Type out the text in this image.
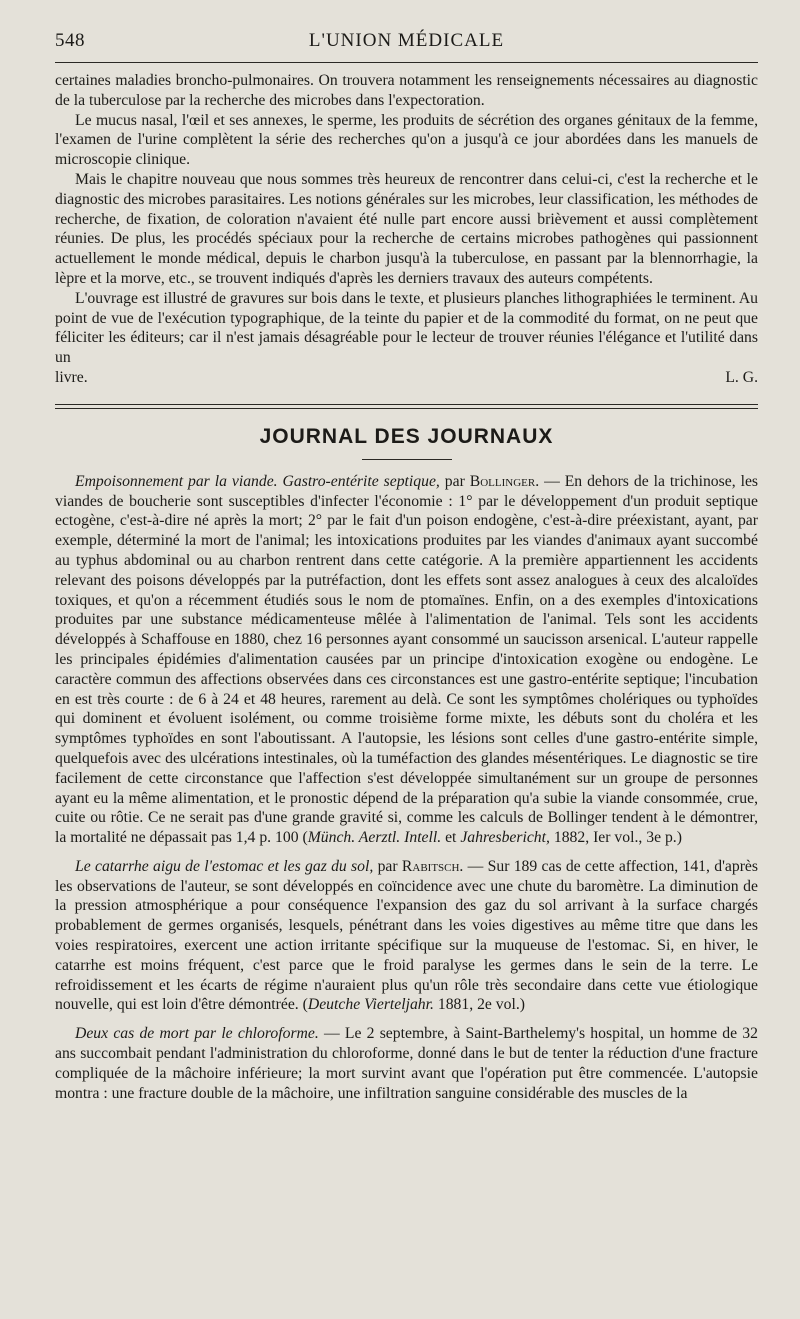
548	L'UNION MÉDICALE

certaines maladies broncho-pulmonaires. On trouvera notamment les renseignements nécessaires au diagnostic de la tuberculose par la recherche des microbes dans l'expectoration.

Le mucus nasal, l'œil et ses annexes, le sperme, les produits de sécrétion des organes génitaux de la femme, l'examen de l'urine complètent la série des recherches qu'on a jusqu'à ce jour abordées dans les manuels de microscopie clinique.

Mais le chapitre nouveau que nous sommes très heureux de rencontrer dans celui-ci, c'est la recherche et le diagnostic des microbes parasitaires. Les notions générales sur les microbes, leur classification, les méthodes de recherche, de fixation, de coloration n'avaient été nulle part encore aussi brièvement et aussi complètement réunies. De plus, les procédés spéciaux pour la recherche de certains microbes pathogènes qui passionnent actuellement le monde médical, depuis le charbon jusqu'à la tuberculose, en passant par la blennorrhagie, la lèpre et la morve, etc., se trouvent indiqués d'après les derniers travaux des auteurs compétents.

L'ouvrage est illustré de gravures sur bois dans le texte, et plusieurs planches lithographiées le terminent. Au point de vue de l'exécution typographique, de la teinte du papier et de la commodité du format, on ne peut que féliciter les éditeurs; car il n'est jamais désagréable pour le lecteur de trouver réunies l'élégance et l'utilité dans un

livre.	L. G.
JOURNAL DES JOURNAUX

Empoisonnement par la viande. Gastro-entérite septique, par Bollinger. — En dehors de la trichinose, les viandes de boucherie sont susceptibles d'infecter l'économie : 1° par le développement d'un produit septique ectogène, c'est-à-dire né après la mort; 2° par le fait d'un poison endogène, c'est-à-dire préexistant, ayant, par exemple, déterminé la mort de l'animal; les intoxications produites par les viandes d'animaux ayant succombé au typhus abdominal ou au charbon rentrent dans cette catégorie. A la première appartiennent les accidents relevant des poisons développés par la putréfaction, dont les effets sont assez analogues à ceux des alcaloïdes toxiques, et qu'on a récemment étudiés sous le nom de ptomaïnes. Enfin, on a des exemples d'intoxications produites par une substance médicamenteuse mêlée à l'alimentation de l'animal. Tels sont les accidents développés à Schaffouse en 1880, chez 16 personnes ayant consommé un saucisson arsenical. L'auteur rappelle les principales épidémies d'alimentation causées par un principe d'intoxication exogène ou endogène. Le caractère commun des affections observées dans ces circonstances est une gastro-entérite septique; l'incubation en est très courte : de 6 à 24 et 48 heures, rarement au delà. Ce sont les symptômes cholériques ou typhoïdes qui dominent et évoluent isolément, ou comme troisième forme mixte, les débuts sont du choléra et les symptômes typhoïdes en sont l'aboutissant. A l'autopsie, les lésions sont celles d'une gastro-entérite simple, quelquefois avec des ulcérations intestinales, où la tuméfaction des glandes mésentériques. Le diagnostic se tire facilement de cette circonstance que l'affection s'est développée simultanément sur un groupe de personnes ayant eu la même alimentation, et le pronostic dépend de la préparation qu'a subie la viande consommée, crue, cuite ou rôtie. Ce ne serait pas d'une grande gravité si, comme les calculs de Bollinger tendent à le démontrer, la mortalité ne dépassait pas 1,4 p. 100 (Münch. Aerztl. Intell. et Jahresbericht, 1882, Ier vol., 3e p.)

Le catarrhe aigu de l'estomac et les gaz du sol, par Rabitsch. — Sur 189 cas de cette affection, 141, d'après les observations de l'auteur, se sont développés en coïncidence avec une chute du baromètre. La diminution de la pression atmosphérique a pour conséquence l'expansion des gaz du sol arrivant à la surface chargés probablement de germes organisés, lesquels, pénétrant dans les voies digestives au même titre que dans les voies respiratoires, exercent une action irritante spécifique sur la muqueuse de l'estomac. Si, en hiver, le catarrhe est moins fréquent, c'est parce que le froid paralyse les germes dans le sein de la terre. Le refroidissement et les écarts de régime n'auraient plus qu'un rôle très secondaire dans cette vue étiologique nouvelle, qui est loin d'être démontrée. (Deutche Vierteljahr. 1881, 2e vol.)

Deux cas de mort par le chloroforme. — Le 2 septembre, à Saint-Barthelemy's hospital, un homme de 32 ans succombait pendant l'administration du chloroforme, donné dans le but de tenter la réduction d'une fracture compliquée de la mâchoire inférieure; la mort survint avant que l'opération put être commencée. L'autopsie montra : une fracture double de la mâchoire, une infiltration sanguine considérable des muscles de la
